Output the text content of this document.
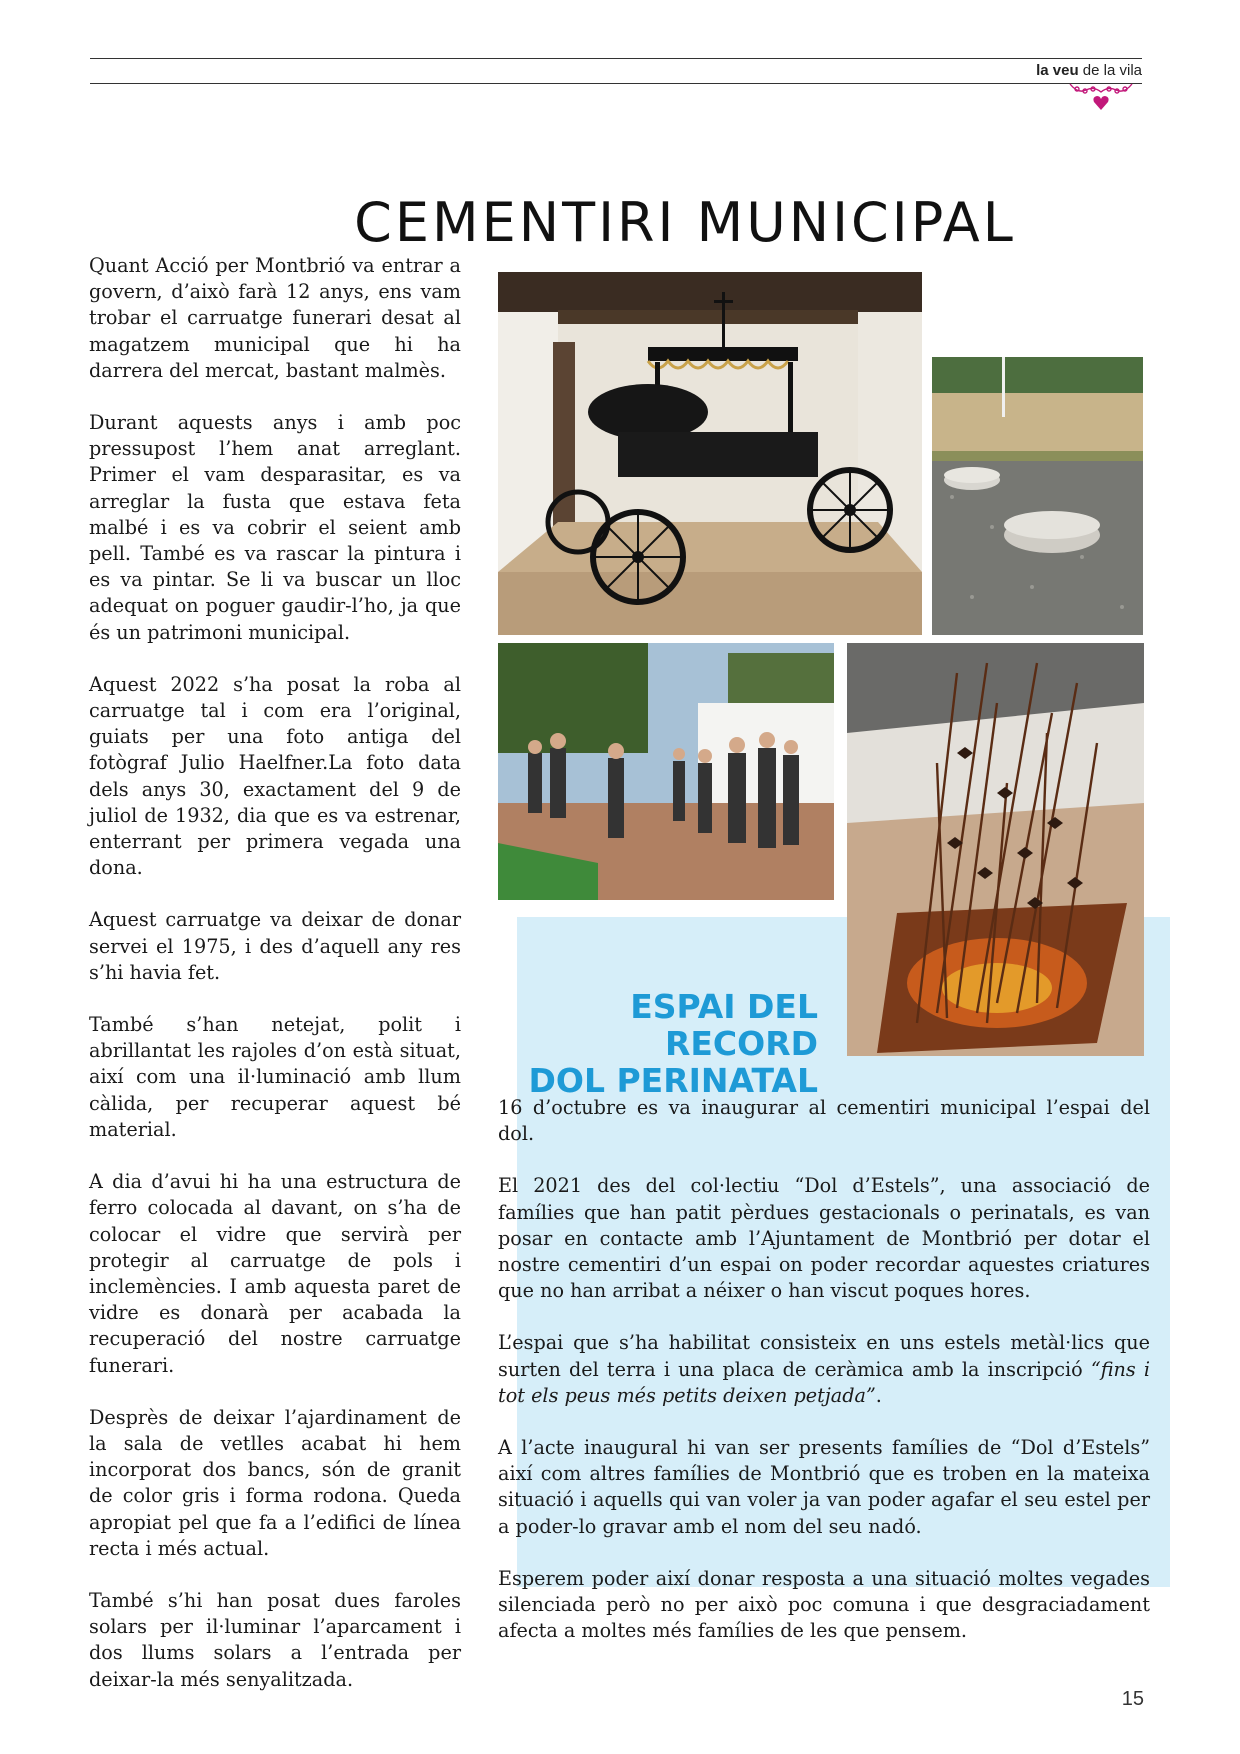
la veu de la vila
CEMENTIRI MUNICIPAL

Quant Acció per Montbrió va entrar a govern, d’això farà 12 anys, ens vam trobar el carruatge funerari desat al magatzem municipal que hi ha darrera del mercat, bastant malmès.

Durant aquests anys i amb poc pressupost l’hem anat arreglant. Primer el vam desparasitar, es va arreglar la fusta que estava feta malbé i es va cobrir el seient amb pell. També es va rascar la pintura i es va pintar. Se li va buscar un lloc adequat on poguer gaudir-l’ho, ja que és un patrimoni municipal.

Aquest 2022 s’ha posat la roba al carruatge tal i com era l’original, guiats per una foto antiga del fotògraf Julio Haelfner.La foto data dels anys 30, exactament del 9 de juliol de 1932, dia que es va estrenar, enterrant per primera vegada una dona.

Aquest carruatge va deixar de donar servei el 1975, i des d’aquell any res s’hi havia fet.

També s’han netejat, polit i abrillantat les rajoles d’on està situat, així com una il·luminació amb llum càlida, per recuperar aquest bé material.

A dia d’avui hi ha una estructura de ferro colocada al davant, on s’ha de colocar el vidre que servirà per protegir al carruatge de pols i inclemències. I amb aquesta paret de vidre es donarà per acabada la recuperació del nostre carruatge funerari.

Desprès de deixar l’ajardinament de la sala de vetlles acabat hi hem incorporat dos bancs, són de granit de color gris i forma rodona. Queda apropiat pel que fa a l’edifici de línea recta i més actual.

També s’hi han posat dues faroles solars per il·luminar l’aparcament i dos llums solars a l’entrada per deixar-la més senyalitzada.

ESPAI DEL RECORD
DOL PERINATAL

16 d’octubre es va inaugurar al cementiri municipal l’espai del dol.

El 2021 des del col·lectiu “Dol d’Estels”, una associació de famílies que han patit pèrdues gestacionals o perinatals, es van posar en contacte amb l’Ajuntament de Montbrió per dotar el nostre cementiri d’un espai on poder recordar aquestes criatures que no han arribat a néixer o han viscut poques hores.

L’espai que s’ha habilitat consisteix en uns estels metàl·lics que surten del terra i una placa de ceràmica amb la inscripció “fins i tot els peus més petits deixen petjada”.

A l’acte inaugural hi van ser presents famílies de “Dol d’Estels” així com altres famílies de Montbrió que es troben en la mateixa situació i aquells qui van voler ja van poder agafar el seu estel per a poder-lo gravar amb el nom del seu nadó.

Esperem poder així donar resposta a una situació moltes vegades silenciada però no per això poc comuna i que desgraciadament afecta a moltes més famílies de les que pensem.

15
